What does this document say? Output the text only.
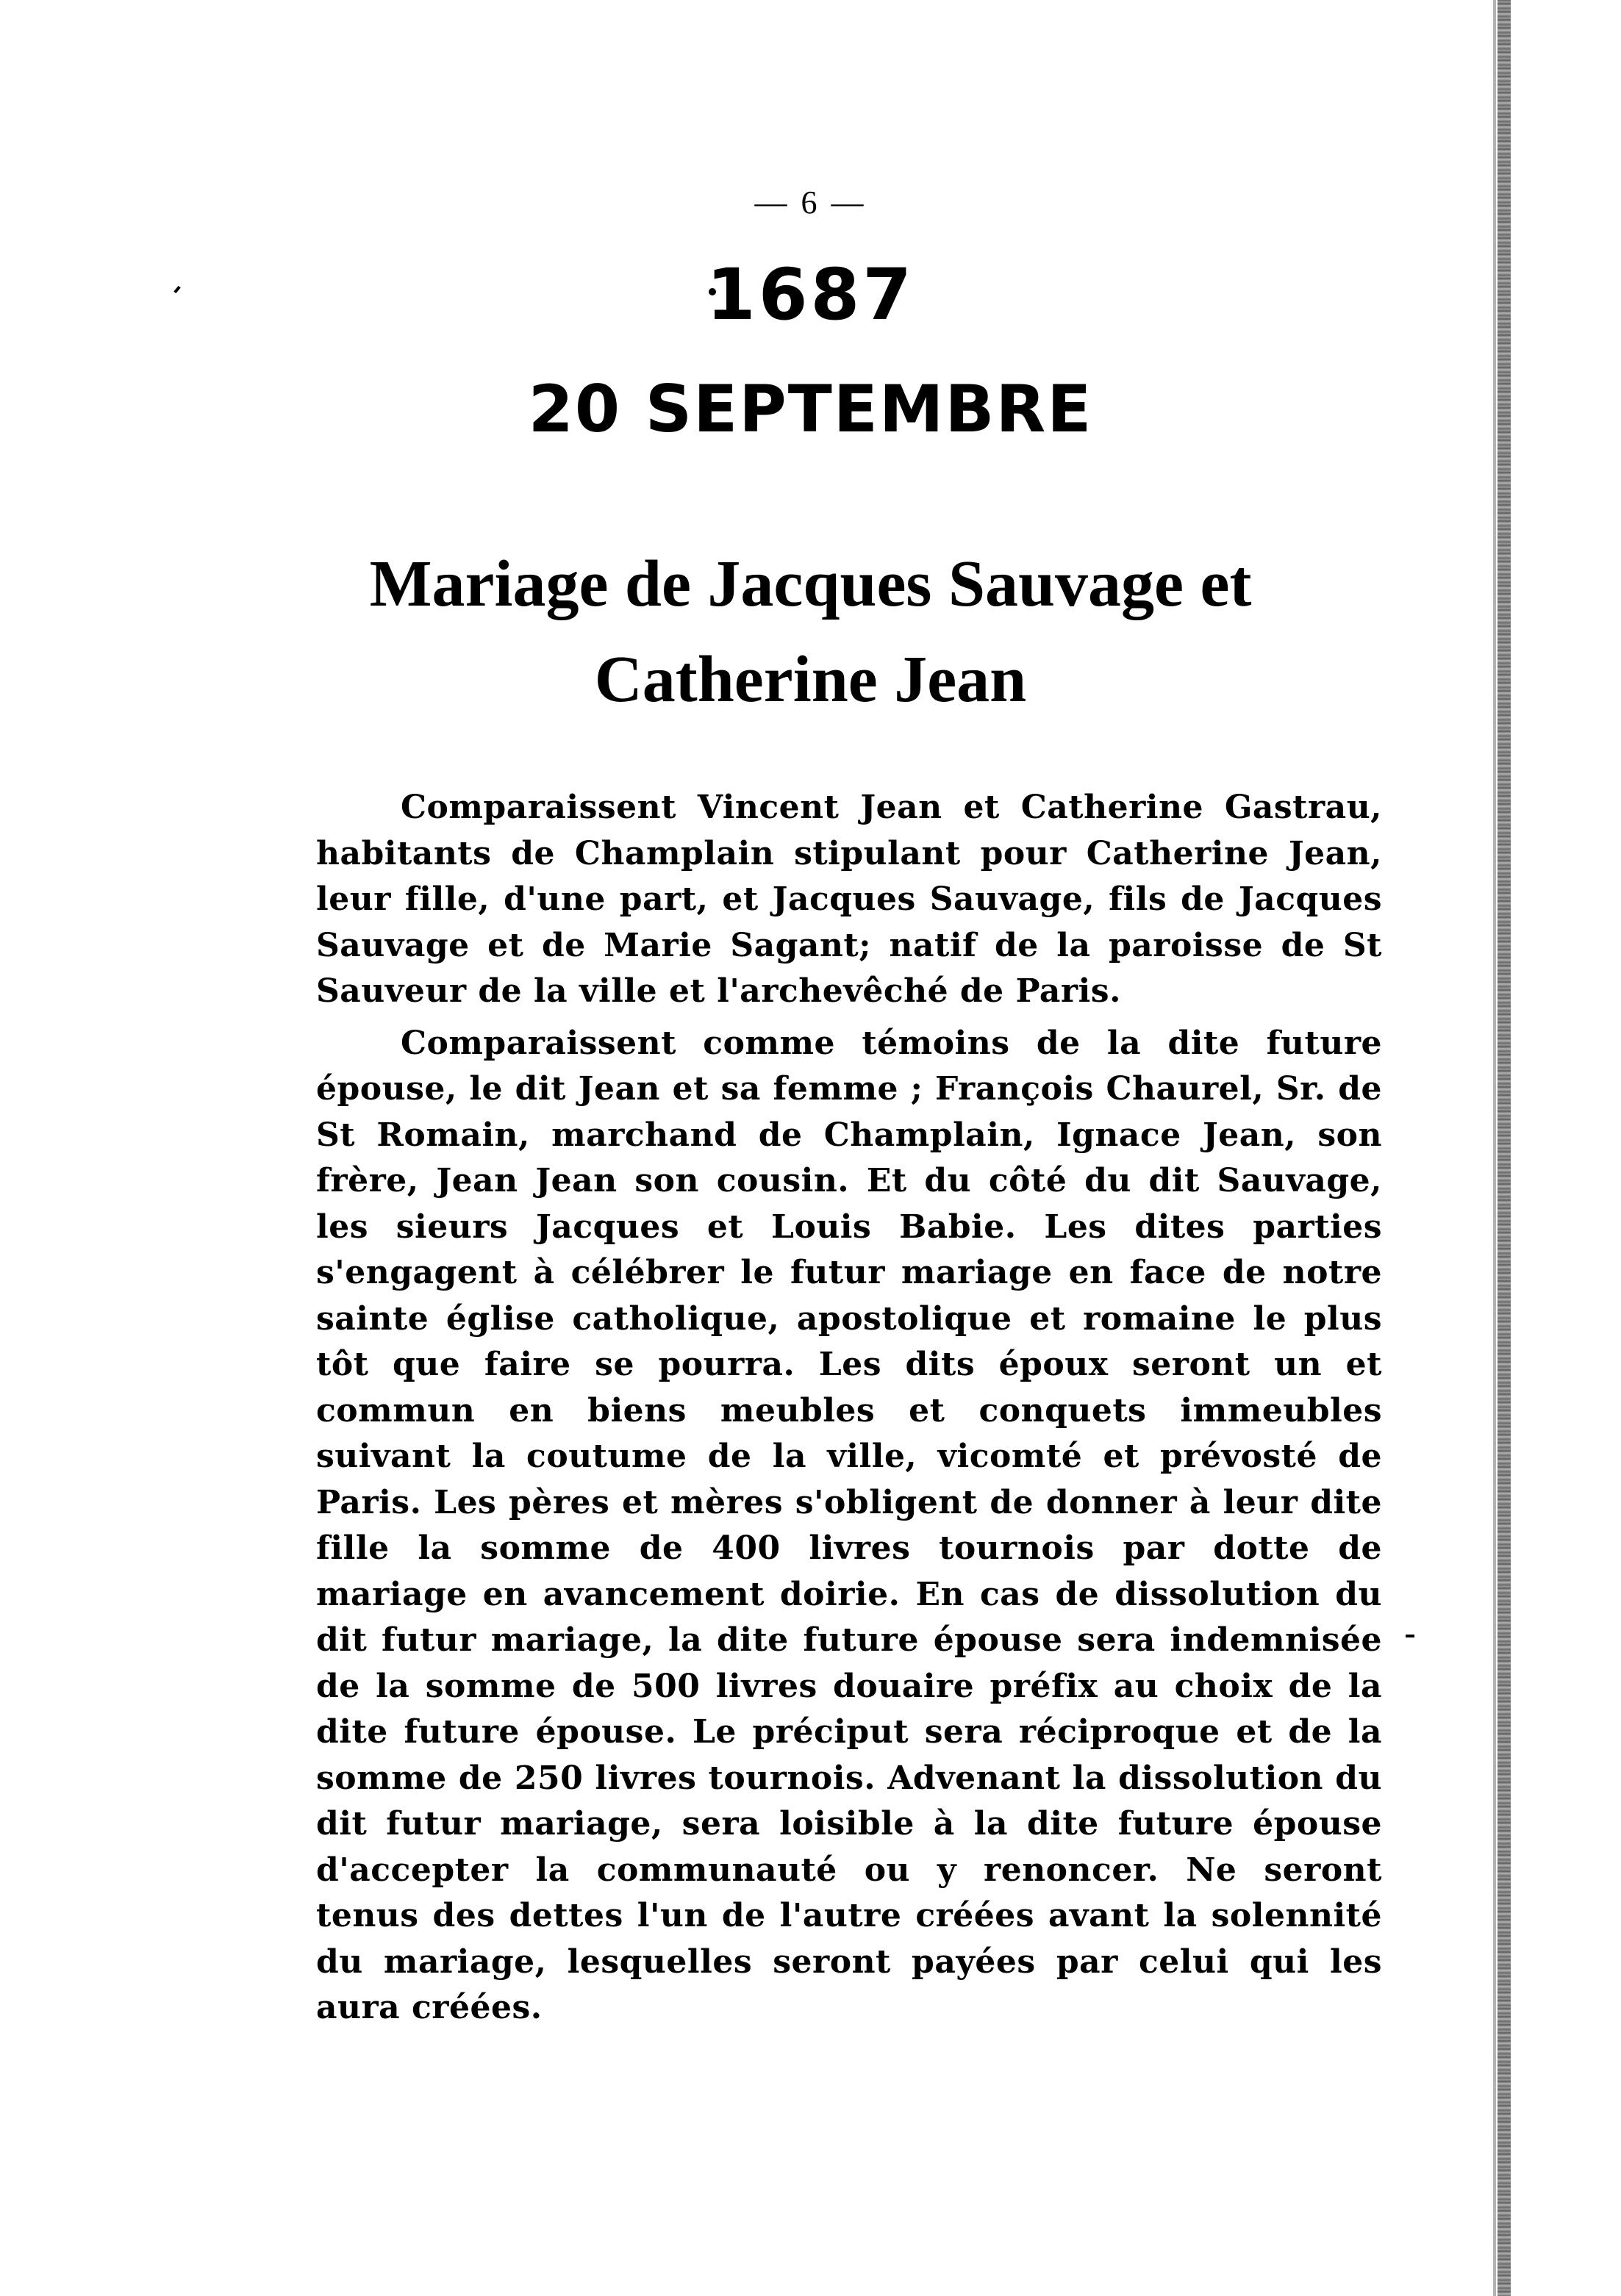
— 6 —
1687
20 SEPTEMBRE
Mariage de Jacques Sauvage et
Catherine Jean

Comparaissent Vincent Jean et Catherine Gastrau, habitants de Champlain stipulant pour Catherine Jean, leur fille, d'une part, et Jacques Sauvage, fils de Jacques Sauvage et de Marie Sagant; natif de la paroisse de St Sauveur de la ville et l'archevêché de Paris.

Comparaissent comme témoins de la dite future épouse, le dit Jean et sa femme ; François Chaurel, Sr. de St Romain, marchand de Champlain, Ignace Jean, son frère, Jean Jean son cousin. Et du côté du dit Sauvage, les sieurs Jacques et Louis Babie. Les dites parties s'engagent à célébrer le futur mariage en face de notre sainte église catholique, apostolique et romaine le plus tôt que faire se pourra. Les dits époux seront un et commun en biens meubles et conquets immeubles suivant la coutume de la ville, vicomté et prévosté de Paris. Les pères et mères s'obligent de donner à leur dite fille la somme de 400 livres tournois par dotte de mariage en avancement doirie. En cas de dissolution du dit futur mariage, la dite future épouse sera indemnisée de la somme de 500 livres douaire préfix au choix de la dite future épouse. Le préciput sera réciproque et de la somme de 250 livres tournois. Advenant la dissolution du dit futur mariage, sera loisible à la dite future épouse d'accepter la communauté ou y renoncer. Ne seront tenus des dettes l'un de l'autre créées avant la solennité du mariage, lesquelles seront payées par celui qui les aura créées.
